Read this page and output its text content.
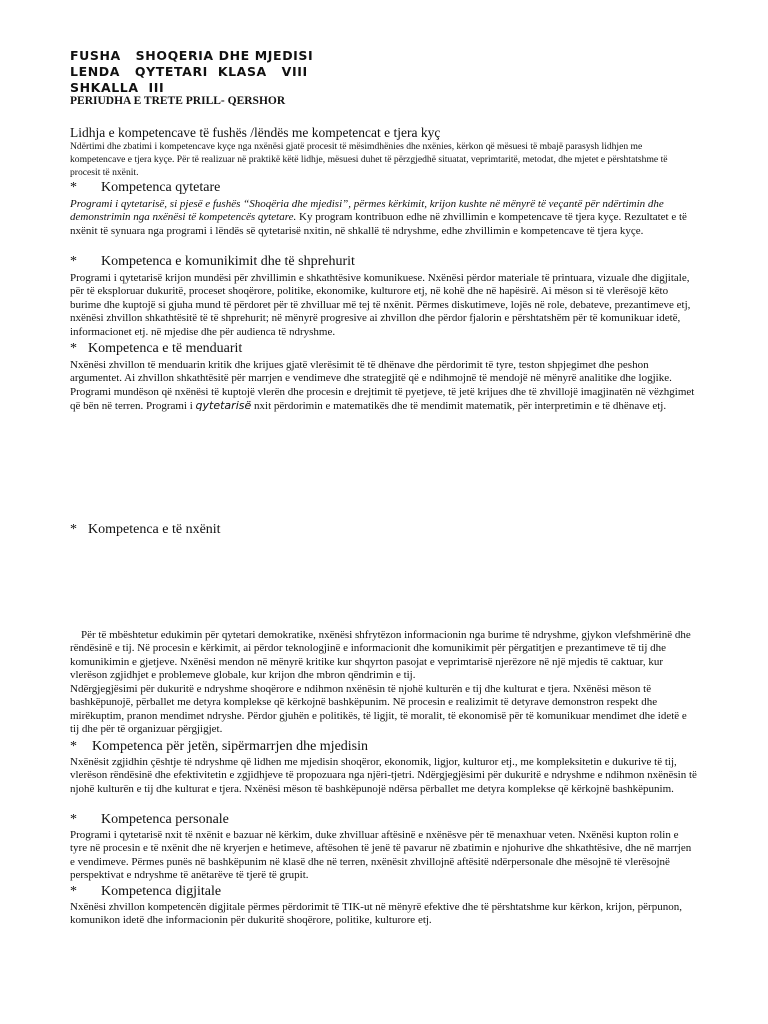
FUSHA   SHOQERIA DHE MJEDISI
LENDA   QYTETARI  KLASA   VIII
SHKALLA  III
PERIUDHA E TRETE PRILL- QERSHOR
Lidhja e kompetencave të fushës /lëndës me kompetencat e tjera kyç
Ndërtimi dhe zbatimi i kompetencave kyçe nga nxënësi gjatë procesit të mësimdhënies dhe nxënies, kërkon që mësuesi të mbajë parasysh lidhjen me kompetencave e tjera kyçe. Për të realizuar në praktikë këtë lidhje, mësuesi duhet të përzgjedhë situatat, veprimtaritë, metodat, dhe mjetet e përshtatshme të procesit të nxënit.
* Kompetenca qytetare
Programi i qytetarisë, si pjesë e fushës “Shoqëria dhe mjedisi”, përmes kërkimit, krijon kushte në mënyrë të veçantë për ndërtimin dhe demonstrimin nga nxënësi të kompetencës qytetare. Ky program kontribuon edhe në zhvillimin e kompetencave të tjera kyçe. Rezultatet e të nxënit të synuara nga programi i lëndës së qytetarisë nxitin, në shkallë të ndryshme, edhe zhvillimin e kompetencave të tjera kyçe.
* Kompetenca e komunikimit dhe të shprehurit
Programi i qytetarisë krijon mundësi për zhvillimin e shkathtësive komunikuese. Nxënësi përdor materiale të printuara, vizuale dhe digjitale, për të eksploruar dukuritë, proceset shoqërore, politike, ekonomike, kulturore etj, në kohë dhe në hapësirë. Ai mëson si të vlerësojë këto burime dhe kuptojë si gjuha mund të përdoret për të zhvilluar më tej të nxënit. Përmes diskutimeve, lojës në role, debateve, prezantimeve etj, nxënësi zhvillon shkathtësitë të të shprehurit; në mënyrë progresive ai zhvillon dhe përdor fjalorin e përshtatshëm për të komunikuar idetë, informacionet etj. në mjedise dhe për audienca të ndryshme.
* Kompetenca e të menduarit
Nxënësi zhvillon të menduarin kritik dhe krijues gjatë vlerësimit të të dhënave dhe përdorimit të tyre, teston shpjegimet dhe peshon argumentet. Ai zhvillon shkathtësitë për marrjen e vendimeve dhe strategjitë që e ndihmojnë të mendojë në mënyrë analitike dhe logjike. Programi mundëson që nxënësi të kuptojë vlerën dhe procesin e drejtimit të pyetjeve, të jetë krijues dhe të zhvillojë imagjinatën në vëzhgimet që bën në terren. Programi i qytetarisë nxit përdorimin e matematikës dhe të mendimit matematik, për interpretimin e të dhënave etj.
* Kompetenca e të nxënit
Për të mbështetur edukimin për qytetari demokratike, nxënësi shfrytëzon informacionin nga burime të ndryshme, gjykon vlefshmërinë dhe rëndësinë e tij. Në procesin e kërkimit, ai përdor teknologjinë e informacionit dhe komunikimit për përgatitjen e prezantimeve të tij dhe komunikimin e gjetjeve. Nxënësi mendon në mënyrë kritike kur shqyrton pasojat e veprimtarisë njerëzore në një mjedis të caktuar, kur vlerëson zgjidhjet e problemeve globale, kur krijon dhe mbron qëndrimin e tij.
Ndërgjegjësimi për dukuritë e ndryshme shoqërore e ndihmon nxënësin të njohë kulturën e tij dhe kulturat e tjera. Nxënësi mëson të bashkëpunojë, përballet me detyra komplekse që kërkojnë bashkëpunim. Në procesin e realizimit të detyrave demonstron respekt dhe mirëkuptim, pranon mendimet ndryshe. Përdor gjuhën e politikës, të ligjit, të moralit, të ekonomisë për të komunikuar mendimet dhe idetë e tij dhe për të organizuar përgjigjet.
* Kompetenca për jetën, sipërmarrjen dhe mjedisin
Nxënësit zgjidhin çështje të ndryshme që lidhen me mjedisin shoqëror, ekonomik, ligjor, kulturor etj., me kompleksitetin e dukurive të tij, vlerëson rëndësinë dhe efektivitetin e zgjidhjeve të propozuara nga njëri-tjetri. Ndërgjegjësimi për dukuritë e ndryshme e ndihmon nxënësin të njohë kulturën e tij dhe kulturat e tjera. Nxënësi mëson të bashkëpunojë ndërsa përballet me detyra komplekse që kërkojnë bashkëpunim.
* Kompetenca personale
Programi i qytetarisë nxit të nxënit e bazuar në kërkim, duke zhvilluar aftësinë e nxënësve për të menaxhuar veten. Nxënësi kupton rolin e tyre në procesin e të nxënit dhe në kryerjen e hetimeve, aftësohen të jenë të pavarur në zbatimin e njohurive dhe shkathtësive, dhe në marrjen e vendimeve. Përmes punës në bashkëpunim në klasë dhe në terren, nxënësit zhvillojnë aftësitë ndërpersonale dhe mësojnë të vlerësojnë perspektivat e ndryshme të anëtarëve të tjerë të grupit.
* Kompetenca digjitale
Nxënësi zhvillon kompetencën digjitale përmes përdorimit të TIK-ut në mënyrë efektive dhe të përshtatshme kur kërkon, krijon, përpunon, komunikon idetë dhe informacionin për dukuritë shoqërore, politike, kulturore etj.
